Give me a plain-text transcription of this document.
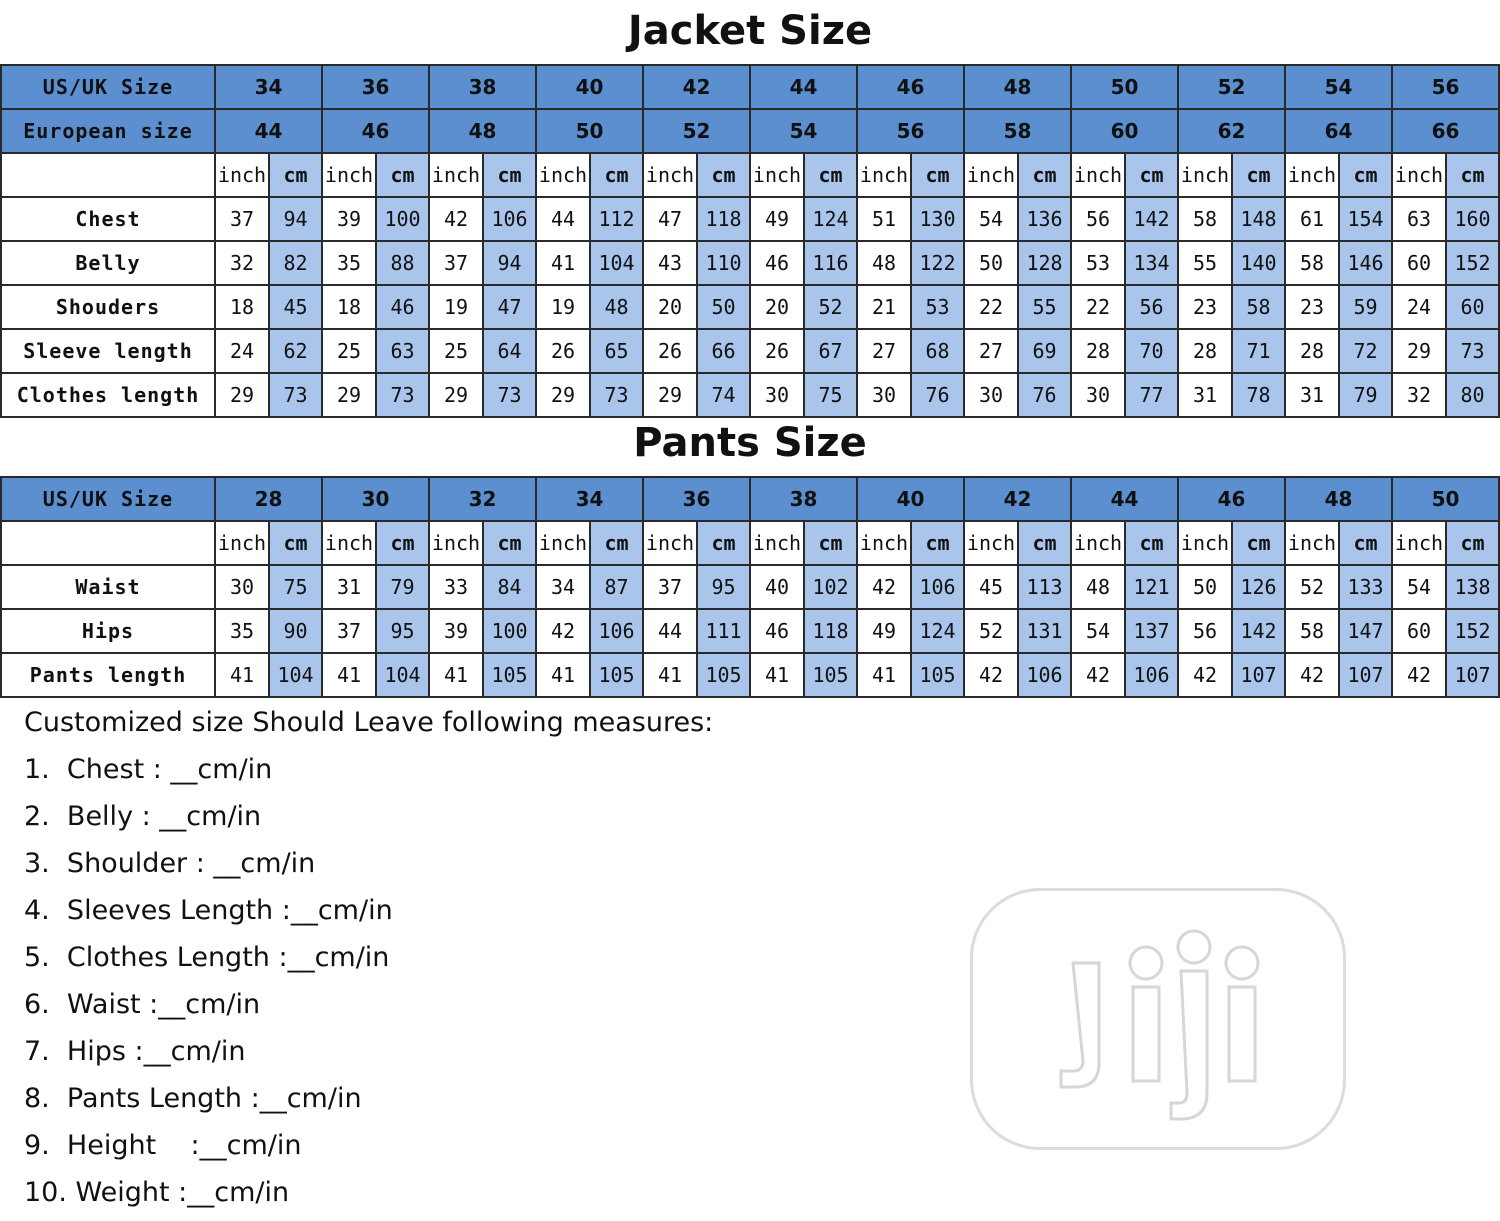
Jacket Size
US/UK Size	34		36		38		40		42		44		46		48		50		52		54		56	
European size	44		46		48		50		52		54		56		58		60		62		64		66	
	inch	cm	inch	cm	inch	cm	inch	cm	inch	cm	inch	cm	inch	cm	inch	cm	inch	cm	inch	cm	inch	cm	inch	cm
Chest	37	94	39	100	42	106	44	112	47	118	49	124	51	130	54	136	56	142	58	148	61	154	63	160
Belly	32	82	35	88	37	94	41	104	43	110	46	116	48	122	50	128	53	134	55	140	58	146	60	152
Shouders	18	45	18	46	19	47	19	48	20	50	20	52	21	53	22	55	22	56	23	58	23	59	24	60
Sleeve length	24	62	25	63	25	64	26	65	26	66	26	67	27	68	27	69	28	70	28	71	28	72	29	73
Clothes length	29	73	29	73	29	73	29	73	29	74	30	75	30	76	30	76	30	77	31	78	31	79	32	80
Pants Size
US/UK Size	28		30		32		34		36		38		40		42		44		46		48		50	
	inch	cm	inch	cm	inch	cm	inch	cm	inch	cm	inch	cm	inch	cm	inch	cm	inch	cm	inch	cm	inch	cm	inch	cm
Waist	30	75	31	79	33	84	34	87	37	95	40	102	42	106	45	113	48	121	50	126	52	133	54	138
Hips	35	90	37	95	39	100	42	106	44	111	46	118	49	124	52	131	54	137	56	142	58	147	60	152
Pants length	41	104	41	104	41	105	41	105	41	105	41	105	41	105	42	106	42	106	42	107	42	107	42	107
Customized size Should Leave following measures:
1.  Chest : __cm/in
2.  Belly : __cm/in
3.  Shoulder : __cm/in
4.  Sleeves Length :__cm/in
5.  Clothes Length :__cm/in
6.  Waist :__cm/in
7.  Hips :__cm/in
8.  Pants Length :__cm/in
9.  Height    :__cm/in
10. Weight :__cm/in
